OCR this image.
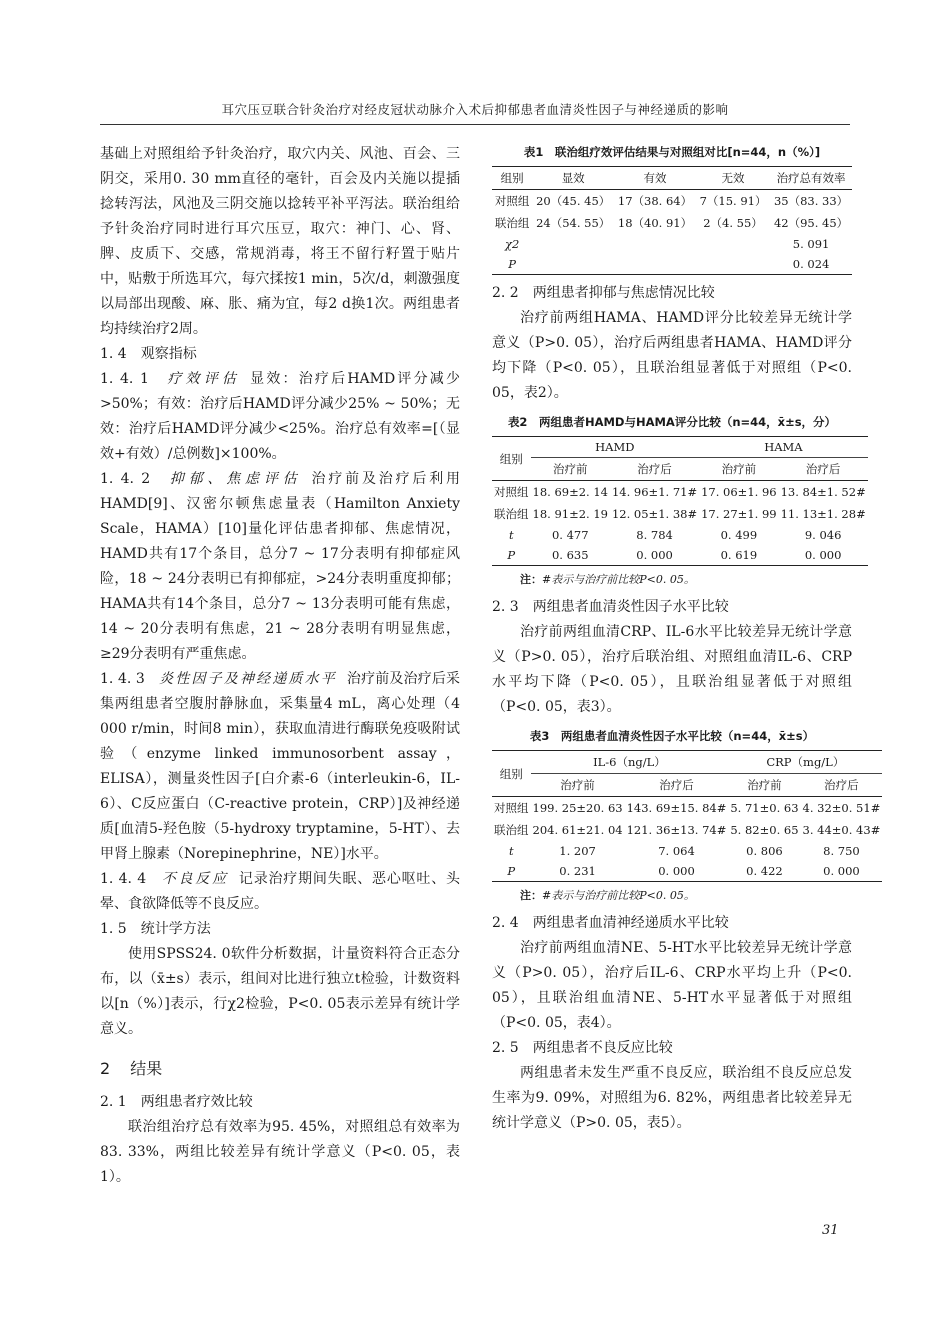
耳穴压豆联合针灸治疗对经皮冠状动脉介入术后抑郁患者血清炎性因子与神经递质的影响

基础上对照组给予针灸治疗，取穴内关、风池、百会、三阴交，采用0. 30 mm直径的毫针，百会及内关施以提插捻转泻法，风池及三阴交施以捻转平补平泻法。联治组给予针灸治疗同时进行耳穴压豆，取穴：神门、心、肾、脾、皮质下、交感，常规消毒，将王不留行籽置于贴片中，贴敷于所选耳穴，每穴揉按1 min，5次/d，刺激强度以局部出现酸、麻、胀、痛为宜，每2 d换1次。两组患者均持续治疗2周。

1. 4 观察指标

1. 4. 1　 疗效评估 显效：治疗后HAMD评分减少>50%；有效：治疗后HAMD评分减少25% ~ 50%；无效：治疗后HAMD评分减少<25%。治疗总有效率=[（显效+有效）/总例数]×100%。

1. 4. 2　 抑郁、焦虑评估 治疗前及治疗后利用HAMD[9]、汉密尔顿焦虑量表（Hamilton Anxiety Scale，HAMA）[10]量化评估患者抑郁、焦虑情况，HAMD共有17个条目，总分7 ~ 17分表明有抑郁症风险，18 ~ 24分表明已有抑郁症，>24分表明重度抑郁；HAMA共有14个条目，总分7 ~ 13分表明可能有焦虑，14 ~ 20分表明有焦虑，21 ~ 28分表明有明显焦虑，≥29分表明有严重焦虑。

1. 4. 3　 炎性因子及神经递质水平 治疗前及治疗后采集两组患者空腹肘静脉血，采集量4 mL，离心处理（4 000 r/min，时间8 min），获取血清进行酶联免疫吸附试验（enzyme linked immunosorbent assay，ELISA），测量炎性因子[白介素-6（interleukin-6，IL-6）、C反应蛋白（C-reactive protein，CRP）]及神经递质[血清5-羟色胺（5-hydroxy tryptamine，5-HT）、去甲肾上腺素（Norepinephrine，NE）]水平。

1. 4. 4　 不良反应 记录治疗期间失眠、恶心呕吐、头晕、食欲降低等不良反应。

1. 5 统计学方法

使用SPSS24. 0软件分析数据，计量资料符合正态分布，以（x̄±s）表示，组间对比进行独立t检验，计数资料以[n（%）]表示，行χ2检验，P<0. 05表示差异有统计学意义。

2 结果
2. 1 两组患者疗效比较

联治组治疗总有效率为95. 45%，对照组总有效率为83. 33%，两组比较差异有统计学意义（P<0. 05，表1）。

表1　联治组疗效评估结果与对照组对比[n=44，n（%）]
组别	显效	有效	无效	治疗总有效率
对照组	20（45. 45）	17（38. 64）	7（15. 91）	35（83. 33）
联治组	24（54. 55）	18（40. 91）	2（4. 55）	42（95. 45）
χ2				5. 091
P				0. 024
2. 2 两组患者抑郁与焦虑情况比较

治疗前两组HAMA、HAMD评分比较差异无统计学意义（P>0. 05），治疗后两组患者HAMA、HAMD评分均下降（P<0. 05），且联治组显著低于对照组（P<0. 05，表2）。

表2　两组患者HAMD与HAMA评分比较（n=44，x̄±s，分）
组别	HAMD		HAMA	
	治疗前	治疗后	治疗前	治疗后
对照组	18. 69±2. 14	14. 96±1. 71#	17. 06±1. 96	13. 84±1. 52#
联治组	18. 91±2. 19	12. 05±1. 38#	17. 27±1. 99	11. 13±1. 28#
t	0. 477	8. 784	0. 499	9. 046
P	0. 635	0. 000	0. 619	0. 000
注：#表示与治疗前比较P<0. 05。
2. 3 两组患者血清炎性因子水平比较

治疗前两组血清CRP、IL-6水平比较差异无统计学意义（P>0. 05），治疗后联治组、对照组血清IL-6、CRP水平均下降（P<0. 05），且联治组显著低于对照组（P<0. 05，表3）。

表3　两组患者血清炎性因子水平比较（n=44，x̄±s）
组别	IL-6（ng/L）		CRP（mg/L）	
	治疗前	治疗后	治疗前	治疗后
对照组	199. 25±20. 63	143. 69±15. 84#	5. 71±0. 63	4. 32±0. 51#
联治组	204. 61±21. 04	121. 36±13. 74#	5. 82±0. 65	3. 44±0. 43#
t	1. 207	7. 064	0. 806	8. 750
P	0. 231	0. 000	0. 422	0. 000
注：#表示与治疗前比较P<0. 05。
2. 4 两组患者血清神经递质水平比较

治疗前两组血清NE、5-HT水平比较差异无统计学意义（P>0. 05），治疗后IL-6、CRP水平均上升（P<0. 05），且联治组血清NE、5-HT水平显著低于对照组（P<0. 05，表4）。

2. 5 两组患者不良反应比较

两组患者未发生严重不良反应，联治组不良反应总发生率为9. 09%，对照组为6. 82%，两组患者比较差异无统计学意义（P>0. 05，表5）。

31
